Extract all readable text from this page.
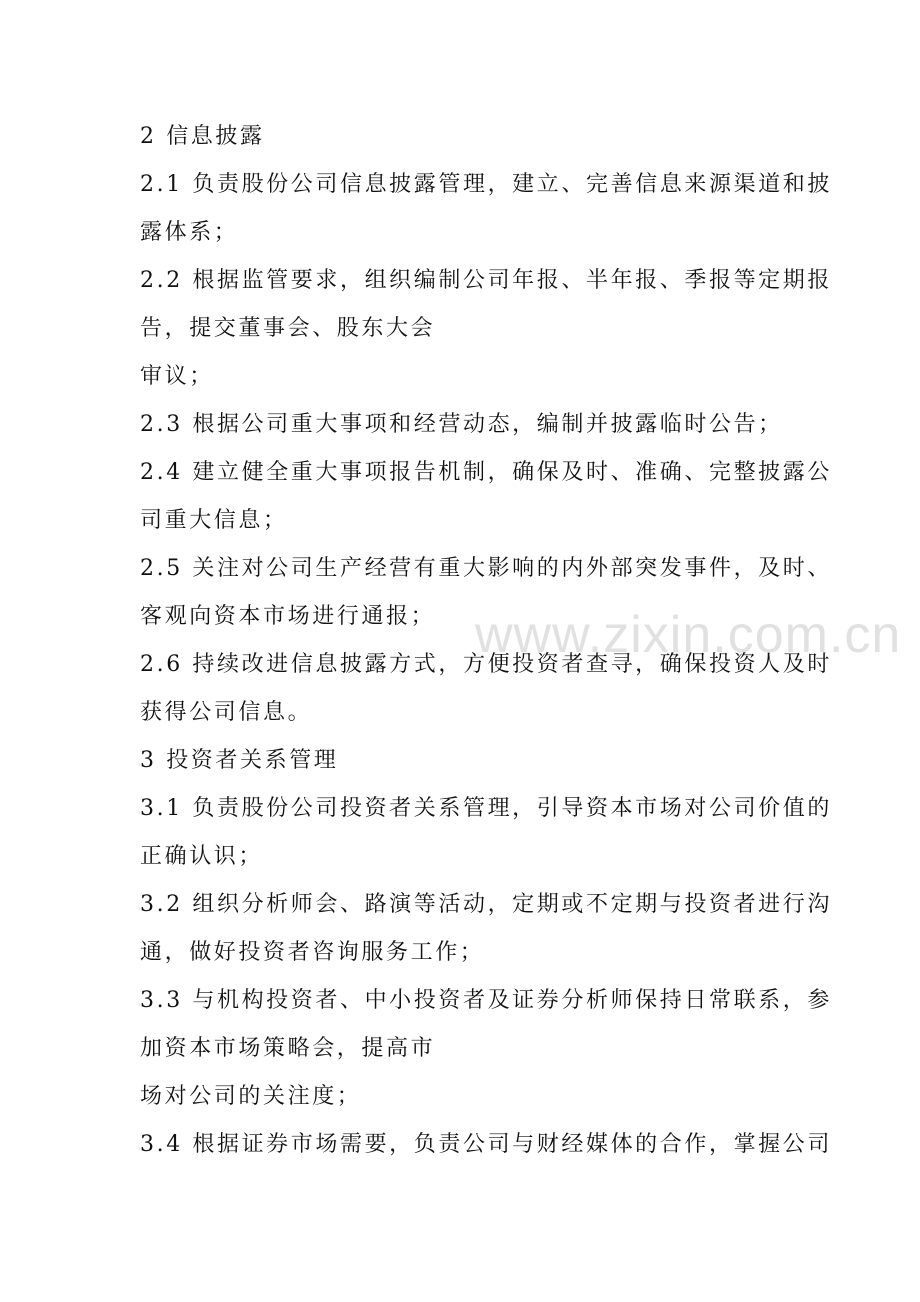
2 信息披露
2.1 负责股份公司信息披露管理，建立、完善信息来源渠道和披
露体系；
2.2 根据监管要求，组织编制公司年报、半年报、季报等定期报
告，提交董事会、股东大会
审议；
2.3 根据公司重大事项和经营动态，编制并披露临时公告；
2.4 建立健全重大事项报告机制，确保及时、准确、完整披露公
司重大信息；
2.5 关注对公司生产经营有重大影响的内外部突发事件，及时、
客观向资本市场进行通报；
2.6 持续改进信息披露方式，方便投资者查寻，确保投资人及时
获得公司信息。
3 投资者关系管理
3.1 负责股份公司投资者关系管理，引导资本市场对公司价值的
正确认识；
3.2 组织分析师会、路演等活动，定期或不定期与投资者进行沟
通，做好投资者咨询服务工作；
3.3 与机构投资者、中小投资者及证券分析师保持日常联系，参
加资本市场策略会，提高市
场对公司的关注度；
3.4 根据证券市场需要，负责公司与财经媒体的合作，掌握公司
www.zixin.com.cn
